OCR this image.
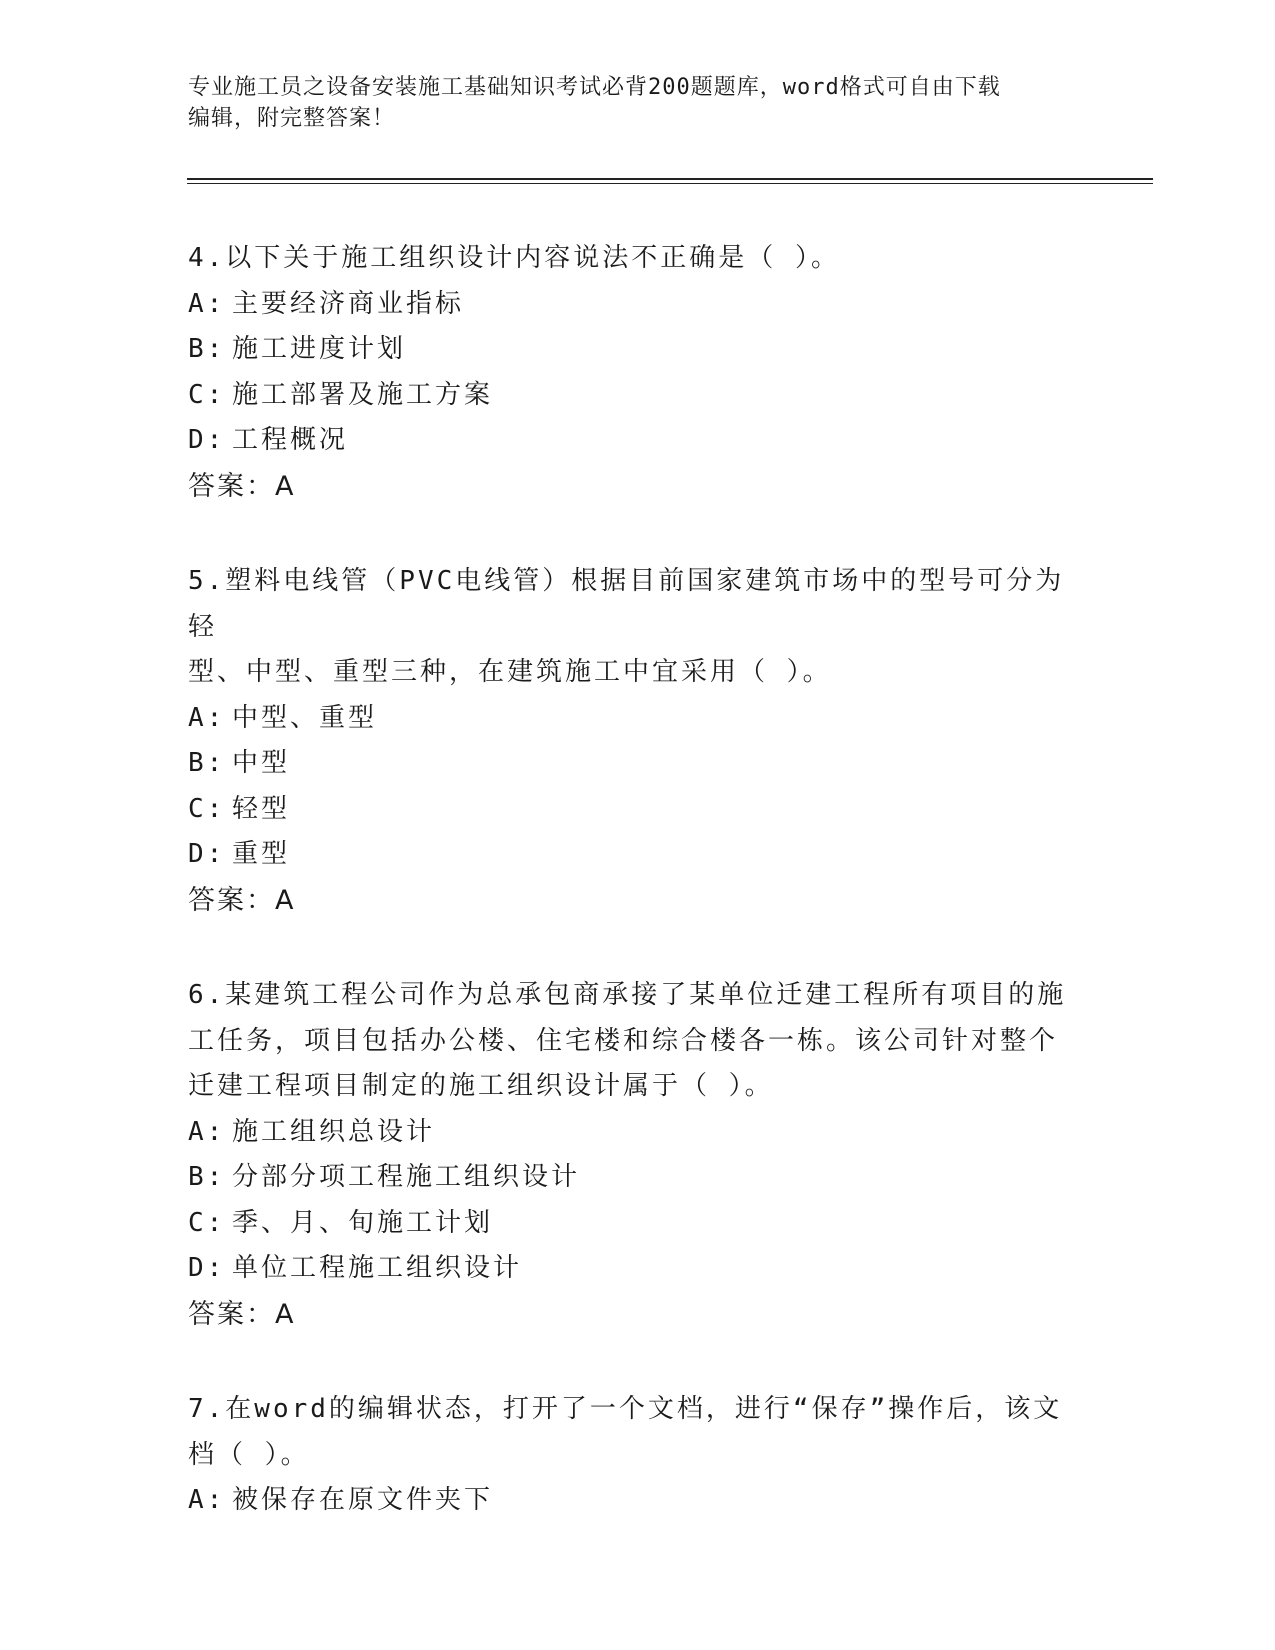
专业施工员之设备安装施工基础知识考试必背200题题库，word格式可自由下载
编辑，附完整答案！
4.以下关于施工组织设计内容说法不正确是（ ）。
A: 主要经济商业指标
B: 施工进度计划
C: 施工部署及施工方案
D: 工程概况
答案：A
5.塑料电线管（PVC电线管）根据目前国家建筑市场中的型号可分为轻
型、中型、重型三种，在建筑施工中宜采用（ ）。
A: 中型、重型
B: 中型
C: 轻型
D: 重型
答案：A
6.某建筑工程公司作为总承包商承接了某单位迁建工程所有项目的施
工任务，项目包括办公楼、住宅楼和综合楼各一栋。该公司针对整个
迁建工程项目制定的施工组织设计属于（ ）。
A: 施工组织总设计
B: 分部分项工程施工组织设计
C: 季、月、旬施工计划
D: 单位工程施工组织设计
答案：A
7.在word的编辑状态，打开了一个文档，进行“保存”操作后，该文
档（ ）。
A: 被保存在原文件夹下
